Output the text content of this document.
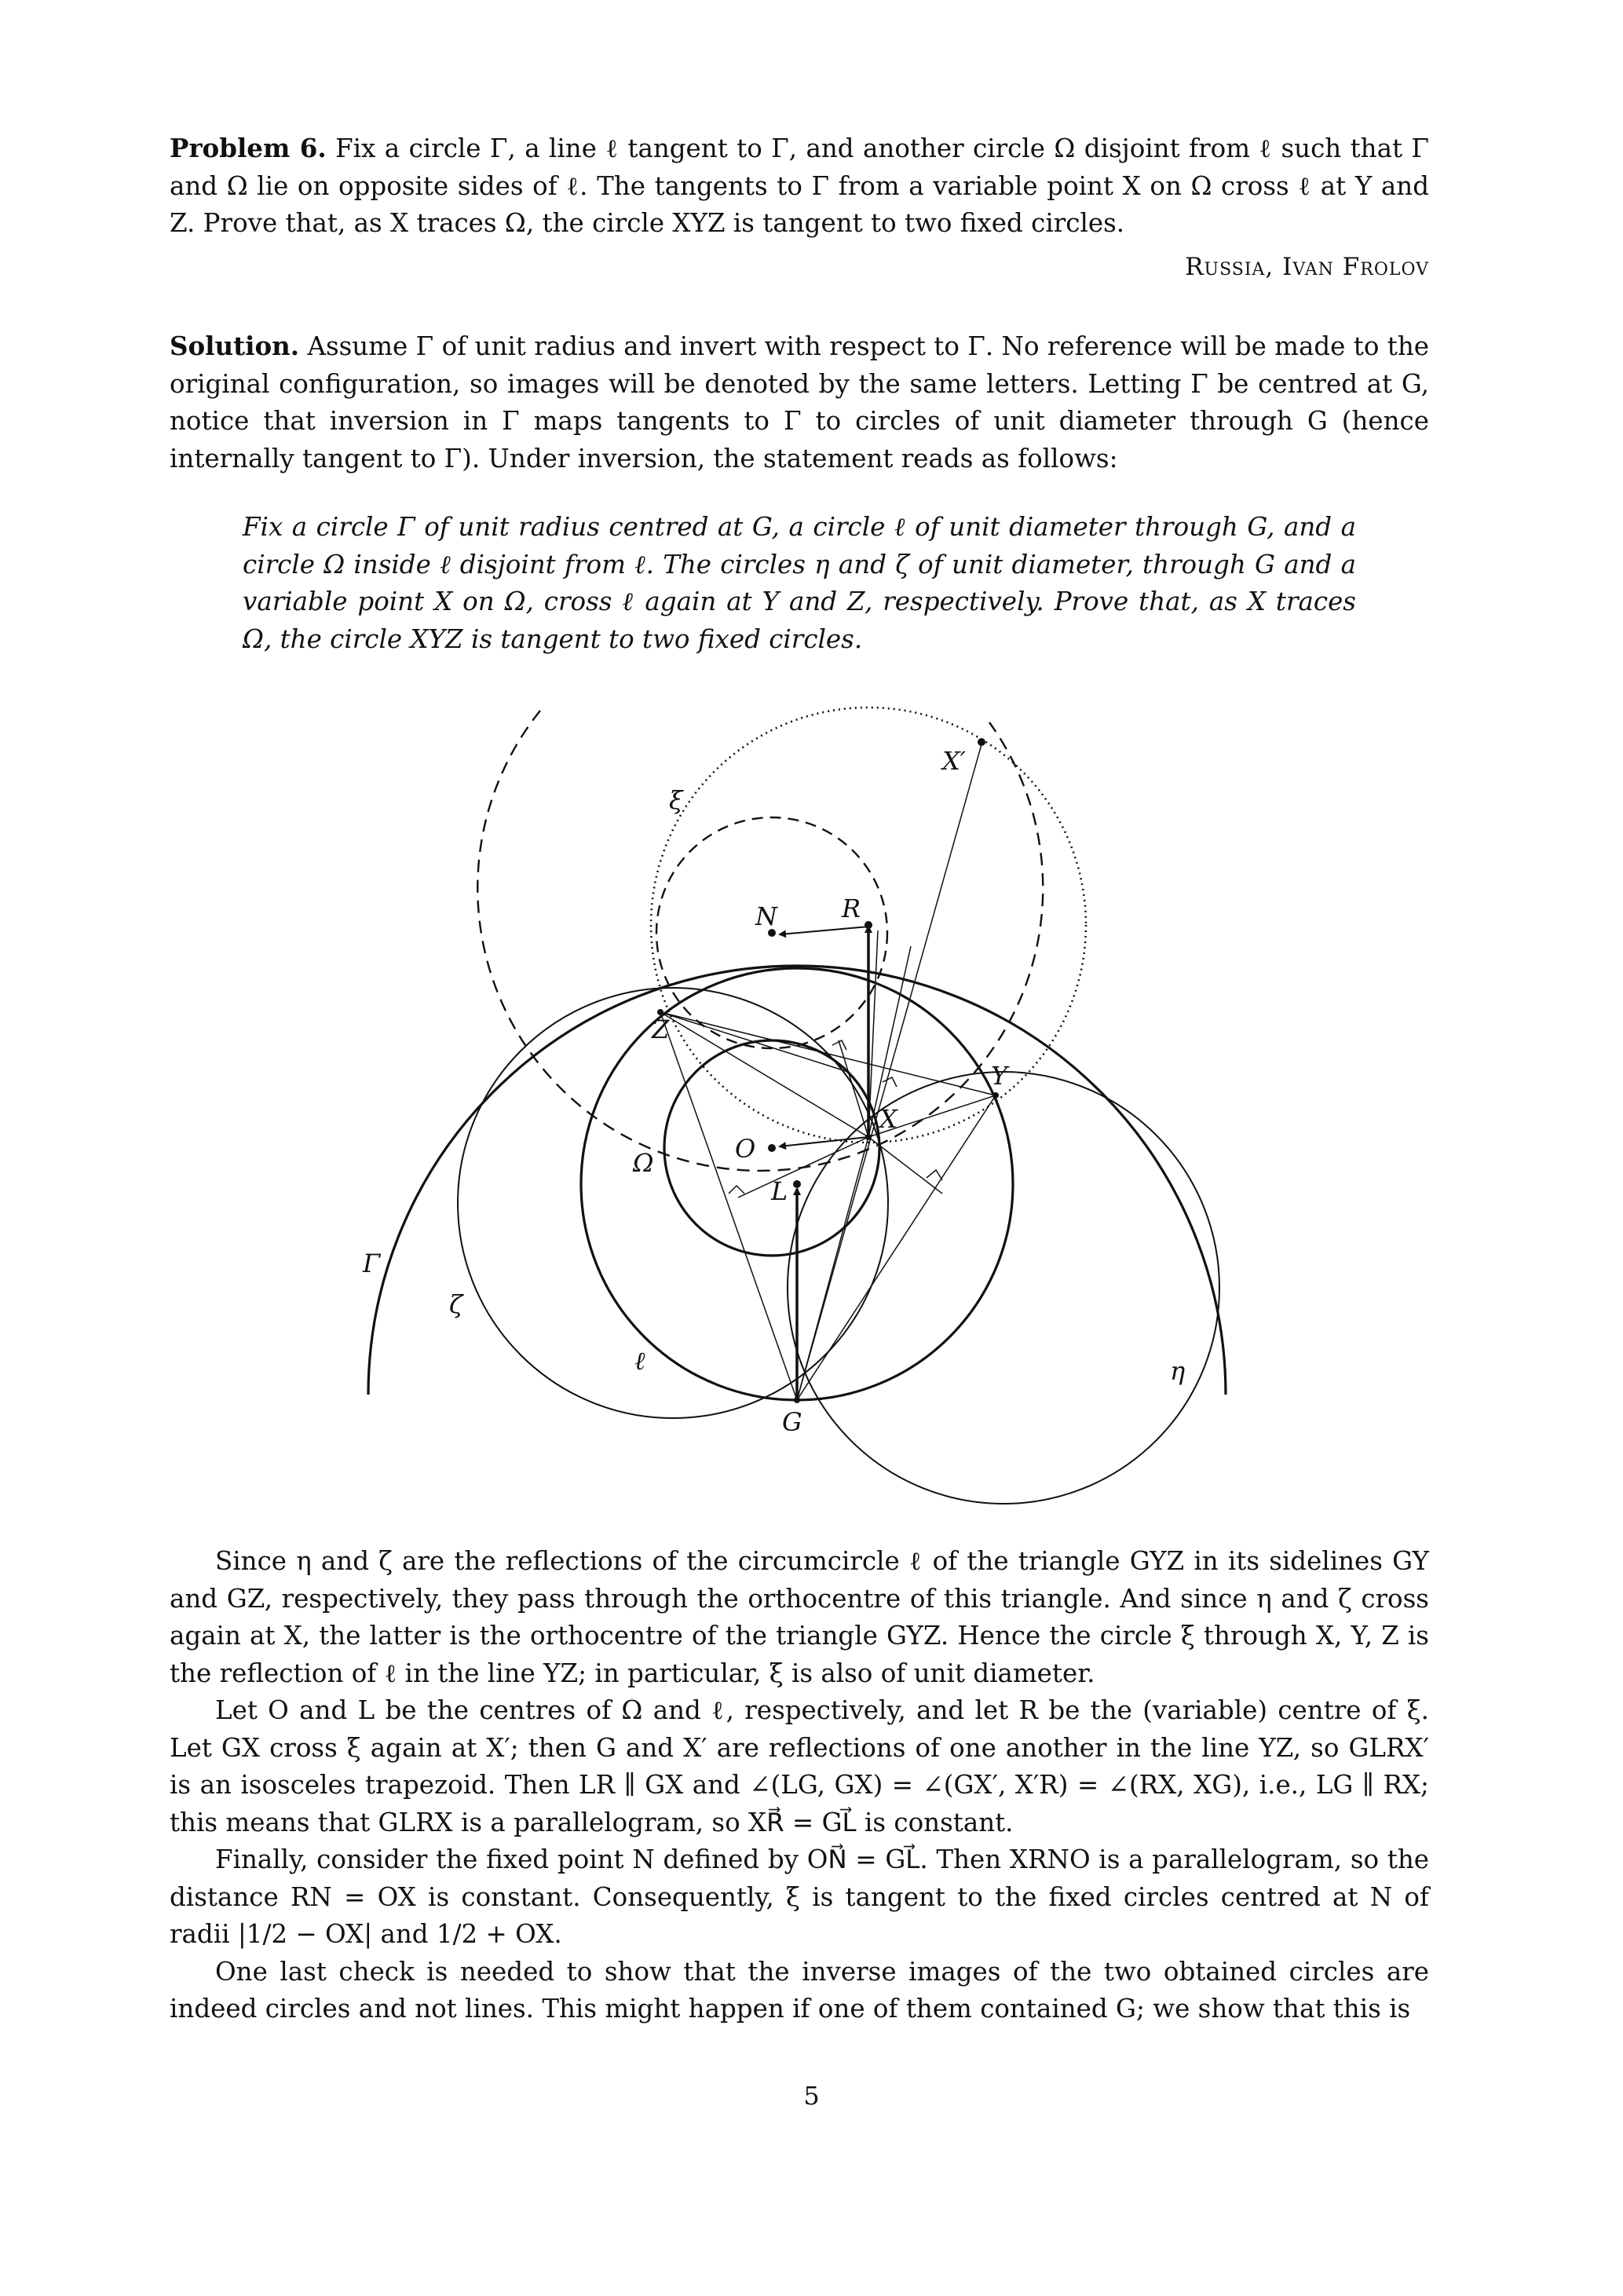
Problem 6. Fix a circle Γ, a line ℓ tangent to Γ, and another circle Ω disjoint from ℓ such that Γ and Ω lie on opposite sides of ℓ. The tangents to Γ from a variable point X on Ω cross ℓ at Y and Z. Prove that, as X traces Ω, the circle XYZ is tangent to two fixed circles.
Russia, Ivan Frolov
Solution. Assume Γ of unit radius and invert with respect to Γ. No reference will be made to the original configuration, so images will be denoted by the same letters. Letting Γ be centred at G, notice that inversion in Γ maps tangents to Γ to circles of unit diameter through G (hence internally tangent to Γ). Under inversion, the statement reads as follows:
Fix a circle Γ of unit radius centred at G, a circle ℓ of unit diameter through G, and a circle Ω inside ℓ disjoint from ℓ. The circles η and ζ of unit diameter, through G and a variable point X on Ω, cross ℓ again at Y and Z, respectively. Prove that, as X traces Ω, the circle XYZ is tangent to two fixed circles.
Γ
ζ
ℓ	η
Ω
ξ
G
L
O
X
Y
Z
N	R
X′

Since η and ζ are the reflections of the circumcircle ℓ of the triangle GYZ in its sidelines GY and GZ, respectively, they pass through the orthocentre of this triangle. And since η and ζ cross again at X, the latter is the orthocentre of the triangle GYZ. Hence the circle ξ through X, Y, Z is the reflection of ℓ in the line YZ; in particular, ξ is also of unit diameter.

Let O and L be the centres of Ω and ℓ, respectively, and let R be the (variable) centre of ξ. Let GX cross ξ again at X′; then G and X′ are reflections of one another in the line YZ, so GLRX′ is an isosceles trapezoid. Then LR ∥ GX and ∠(LG, GX) = ∠(GX′, X′R) = ∠(RX, XG), i.e., LG ∥ RX; this means that GLRX is a parallelogram, so XR⃗ = GL⃗ is constant.

Finally, consider the fixed point N defined by ON⃗ = GL⃗. Then XRNO is a parallelogram, so the distance RN = OX is constant. Consequently, ξ is tangent to the fixed circles centred at N of radii |1/2 − OX| and 1/2 + OX.

One last check is needed to show that the inverse images of the two obtained circles are indeed circles and not lines. This might happen if one of them contained G; we show that this is

5
